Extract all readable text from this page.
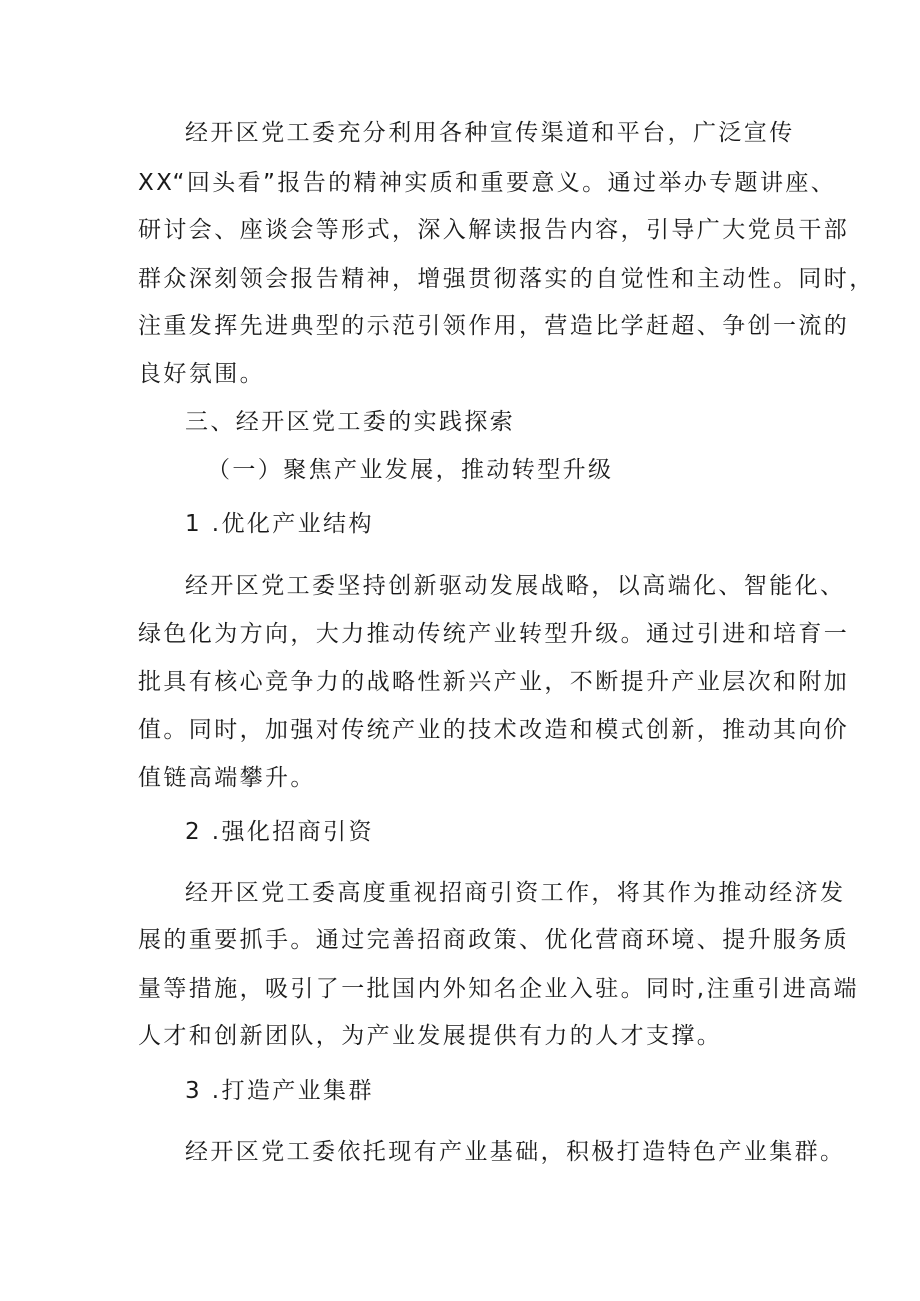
经开区党工委充分利用各种宣传渠道和平台，广泛宣传
XX“回头看”报告的精神实质和重要意义。通过举办专题讲座、
研讨会、座谈会等形式，深入解读报告内容，引导广大党员干部
群众深刻领会报告精神，增强贯彻落实的自觉性和主动性。同时，
注重发挥先进典型的示范引领作用，营造比学赶超、争创一流的
良好氛围。
三、经开区党工委的实践探索
（一）聚焦产业发展，推动转型升级
1 .优化产业结构
经开区党工委坚持创新驱动发展战略，以高端化、智能化、
绿色化为方向，大力推动传统产业转型升级。通过引进和培育一
批具有核心竞争力的战略性新兴产业，不断提升产业层次和附加
值。同时，加强对传统产业的技术改造和模式创新，推动其向价
值链高端攀升。
2 .强化招商引资
经开区党工委高度重视招商引资工作，将其作为推动经济发
展的重要抓手。通过完善招商政策、优化营商环境、提升服务质
量等措施，吸引了一批国内外知名企业入驻。同时,注重引进高端
人才和创新团队，为产业发展提供有力的人才支撑。
3 .打造产业集群
经开区党工委依托现有产业基础，积极打造特色产业集群。
